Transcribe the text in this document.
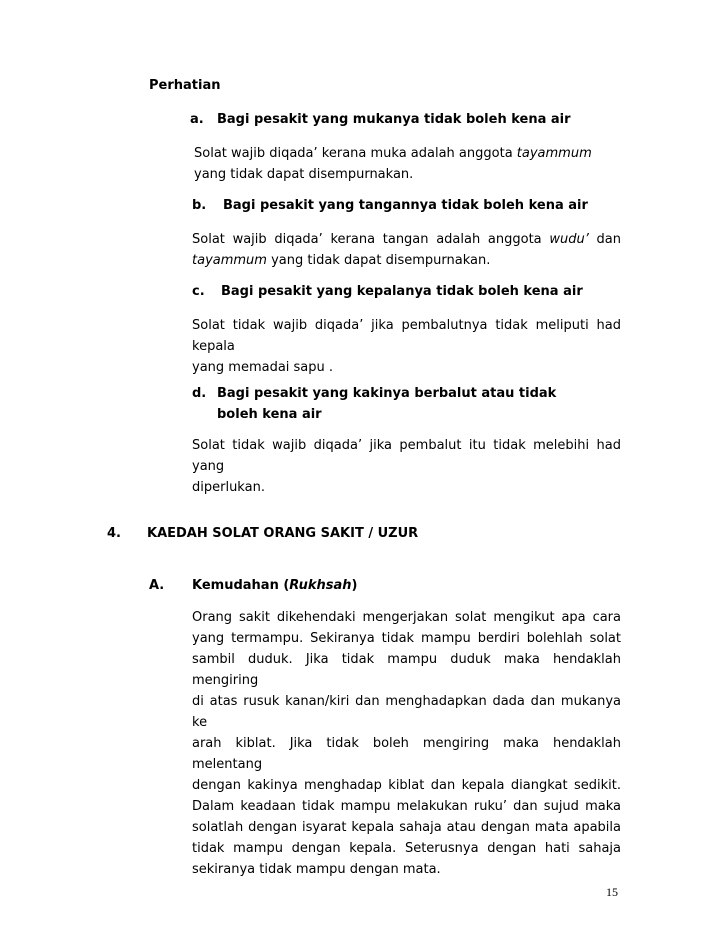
Perhatian
a. Bagi pesakit yang mukanya tidak boleh kena air
Solat wajib diqada’ kerana muka adalah anggota tayammum
yang tidak dapat disempurnakan.
b. Bagi pesakit yang tangannya tidak boleh kena air
Solat wajib diqada’ kerana tangan adalah anggota wudu’ dan
tayammum yang tidak dapat disempurnakan.
c. Bagi pesakit yang kepalanya tidak boleh kena air
Solat tidak wajib diqada’ jika pembalutnya tidak meliputi had kepala
yang memadai sapu .
d. Bagi pesakit yang kakinya berbalut atau tidak
boleh kena air
Solat tidak wajib diqada’ jika pembalut itu tidak melebihi had yang
diperlukan.
4. KAEDAH SOLAT ORANG SAKIT / UZUR
A. Kemudahan (Rukhsah)
Orang sakit dikehendaki mengerjakan solat mengikut apa cara
yang termampu. Sekiranya tidak mampu berdiri bolehlah solat
sambil duduk. Jika tidak mampu duduk maka hendaklah mengiring
di atas rusuk kanan/kiri dan menghadapkan dada dan mukanya ke
arah kiblat. Jika tidak boleh mengiring maka hendaklah melentang
dengan kakinya menghadap kiblat dan kepala diangkat sedikit.
Dalam keadaan tidak mampu melakukan ruku’ dan sujud maka
solatlah dengan isyarat kepala sahaja atau dengan mata apabila
tidak mampu dengan kepala. Seterusnya dengan hati sahaja
sekiranya tidak mampu dengan mata.
15
